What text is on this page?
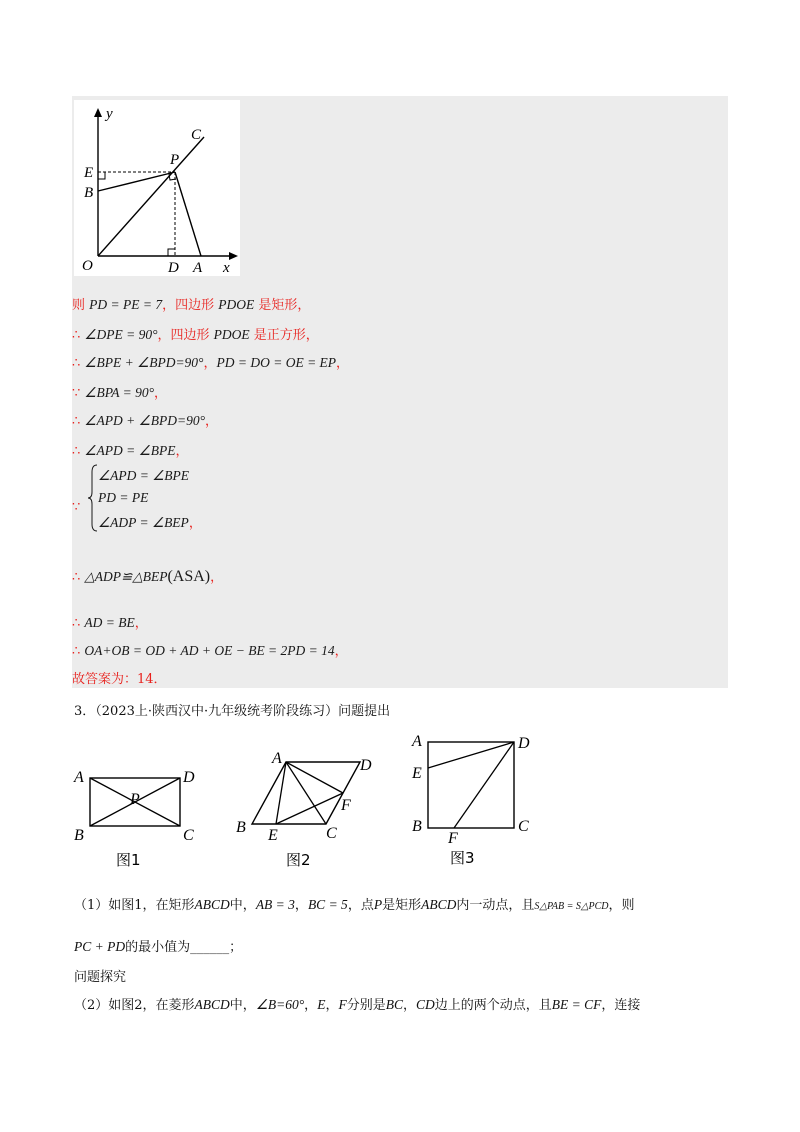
y
x
C
P
E
B
O	D A
则 PD = PE = 7，四边形 PDOE 是矩形，
∴ ∠DPE = 90°，四边形 PDOE 是正方形，
∴ ∠BPE + ∠BPD=90°，PD = DO = OE = EP，
∵ ∠BPA = 90°，
∴ ∠APD + ∠BPD=90°，
∴ ∠APD = ∠BPE，
∵
∠APD = ∠BPE
PD = PE
∠ADP = ∠BEP，
∴ △ADP≌△BEP(ASA)，
∴ AD = BE，
∴ OA+OB = OD + AD + OE − BE = 2PD = 14，
故答案为：14．
3．（2023上·陕西汉中·九年级统考阶段练习）问题提出
A	D
P
B	C
图1
A	D
F
B E	C
图2
A	D
E
B
F
C
图3
（1）如图1，在矩形ABCD中，AB = 3，BC = 5，点P是矩形ABCD内一动点，且S△PAB = S△PCD，则
PC + PD的最小值为______；
问题探究
（2）如图2，在菱形ABCD中，∠B=60°，E，F分别是BC，CD边上的两个动点，且BE = CF，连接
